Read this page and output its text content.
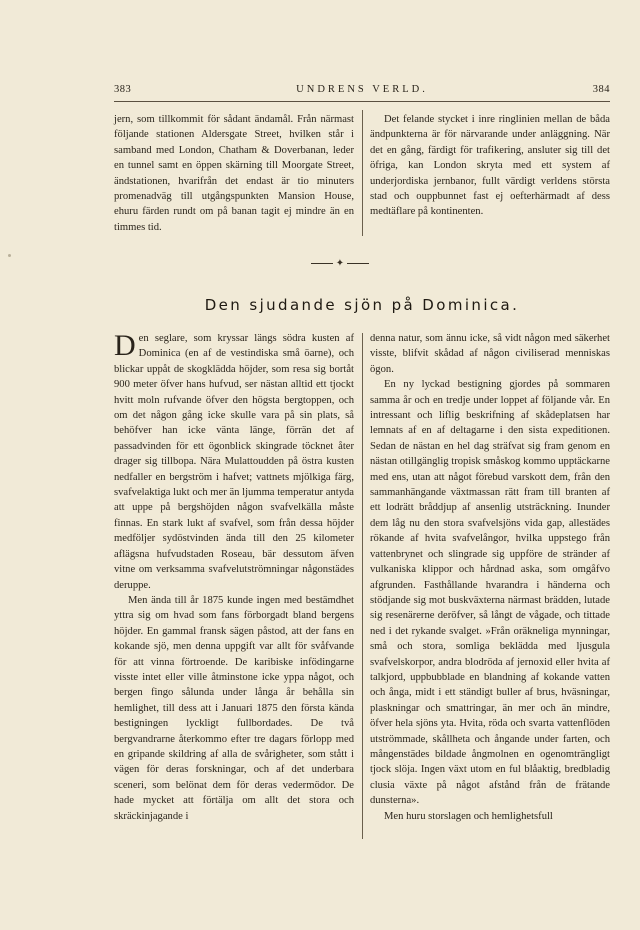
383	UNDRENS VERLD.	384

jern, som tillkommit för sådant ändamål. Från närmast följande stationen Aldersgate Street, hvilken står i samband med London, Chatham & Doverbanan, leder en tunnel samt en öppen skärning till Moorgate Street, ändstationen, hvarifrån det endast är tio minuters promenadväg till utgångspunkten Mansion House, ehuru färden rundt om på banan tagit ej mindre än en timmes tid.

Det felande stycket i inre ringlinien mellan de båda ändpunkterna är för närvarande under anläggning. När det en gång, färdigt för trafikering, ansluter sig till det öfriga, kan London skryta med ett system af underjordiska jernbanor, fullt värdigt verldens största stad och ouppbunnet fast ej oefterhärmadt af dess medtäflare på kontinenten.

✦
Den sjudande sjön på Dominica.

Den seglare, som kryssar längs södra kusten af Dominica (en af de vestindiska små öarne), och blickar uppåt de skogklädda höjder, som resa sig bortåt 900 meter öfver hans hufvud, ser nästan alltid ett tjockt hvitt moln rufvande öfver den högsta bergtoppen, och om det någon gång icke skulle vara på sin plats, så behöfver han icke vänta länge, förrän det af passadvinden för ett ögonblick skingrade töcknet åter drager sig tillbopa. Nära Mulattoudden på östra kusten nedfaller en bergström i hafvet; vattnets mjölkiga färg, svafvelaktiga lukt och mer än ljumma temperatur antyda att uppe på bergshöjden någon svafvelkälla måste finnas. En stark lukt af svafvel, som från dessa höjder medföljer sydöstvinden ända till den 25 kilometer aflägsna hufvudstaden Roseau, bär dessutom äfven vitne om verksamma svafvelutströmningar någonstädes deruppe.

Men ända till år 1875 kunde ingen med bestämdhet yttra sig om hvad som fans förborgadt bland bergens höjder. En gammal fransk sägen påstod, att der fans en kokande sjö, men denna uppgift var allt för svåfvande för att vinna förtroende. De karibiske infödingarne visste intet eller ville åtminstone icke yppa något, och bergen fingo sålunda under långa år behålla sin hemlighet, till dess att i Januari 1875 den första kända bestigningen lyckligt fullbordades. De två bergvandrarne återkommo efter tre dagars förlopp med en gripande skildring af alla de svårigheter, som stått i vägen för deras forskningar, och af det underbara sceneri, som belönat dem för deras vedermödor. De hade mycket att förtälja om allt det stora och skräckinjagande i

denna natur, som ännu icke, så vidt någon med säkerhet visste, blifvit skådad af någon civiliserad menniskas ögon.

En ny lyckad bestigning gjordes på sommaren samma år och en tredje under loppet af följande vår. En intressant och liflig beskrifning af skådeplatsen har lemnats af en af deltagarne i den sista expeditionen. Sedan de nästan en hel dag sträfvat sig fram genom en nästan otillgänglig tropisk småskog kommo upptäckarne med ens, utan att något förebud varskott dem, från den sammanhängande växtmassan rätt fram till branten af ett lodrätt bråddjup af ansenlig utsträckning. Inunder dem låg nu den stora svafvelsjöns vida gap, allestädes rökande af hvita svafvelångor, hvilka uppstego från vattenbrynet och slingrade sig uppföre de stränder af vulkaniska klippor och hårdnad aska, som omgåfvo afgrunden. Fasthållande hvarandra i händerna och stödjande sig mot buskväxterna närmast brädden, lutade sig resenärerne deröfver, så långt de vågade, och tittade ned i det rykande svalget. »Från oräkneliga mynningar, små och stora, somliga beklädda med ljusgula svafvelskorpor, andra blodröda af jernoxid eller hvita af talkjord, uppbubblade en blandning af kokande vatten och ånga, midt i ett ständigt buller af brus, hväsningar, plaskningar och smattringar, än mer och än mindre, öfver hela sjöns yta. Hvita, röda och svarta vattenflöden utströmmade, skållheta och ångande under farten, och mångenstädes bildade ångmolnen en ogenomträngligt tjock slöja. Ingen växt utom en ful blåaktig, bredbladig clusia växte på något afstånd från de frätande dunsterna».

Men huru storslagen och hemlighetsfull
